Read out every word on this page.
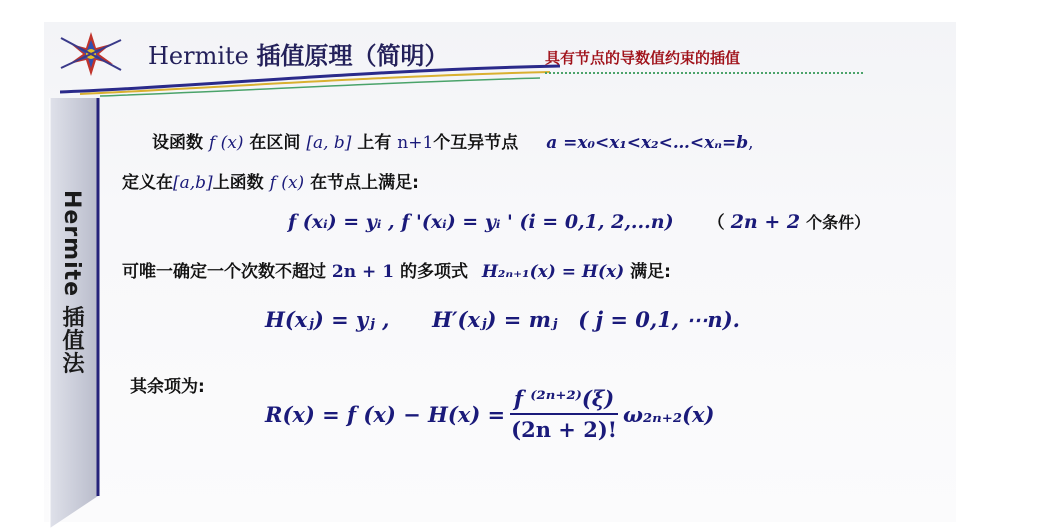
Hermite 插值原理（简明）	具有节点的导数值约束的插值
Hermite 插值法
设函数 f (x) 在区间 [a, b] 上有 n+1个互异节点 a =x₀<x₁<x₂<…<xₙ=b,
定义在[a,b]上函数 f (x) 在节点上满足:
f (xᵢ) = yᵢ , f '(xᵢ) = yᵢ ' (i = 0,1, 2,...n) （ 2n + 2 个条件）
可唯一确定一个次数不超过 2n + 1 的多项式 H₂ₙ₊₁(x) = H(x) 满足:
H(xⱼ) = yⱼ , H′(xⱼ) = mⱼ ( j = 0,1, ⋯n).
其余项为:
R(x) = f $(x) - H(x) = \frac{\text{f ⁽²ⁿ⁺²⁾(ξ)}}{(2n + 2)!} \omega_{2n+2}(x)$
